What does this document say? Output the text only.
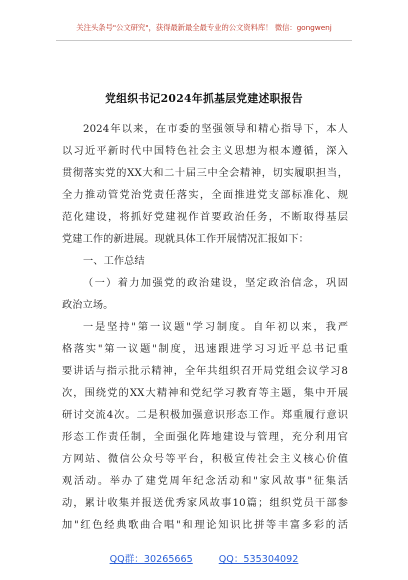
关注头条号"公文研究"，获得最新最全最专业的公文资料库！ 微信：gongwenj
党组织书记2024年抓基层党建述职报告
2024年以来，在市委的坚强领导和精心指导下，本人
以习近平新时代中国特色社会主义思想为根本遵循，深入
贯彻落实党的XX大和二十届三中全会精神，切实履职担当，
全力推动管党治党责任落实，全面推进党支部标准化、规
范化建设，将抓好党建视作首要政治任务，不断取得基层
党建工作的新进展。现就具体工作开展情况汇报如下：
一、工作总结
（一）着力加强党的政治建设，坚定政治信念，巩固
政治立场。
一是坚持"第一议题"学习制度。自年初以来，我严
格落实"第一议题"制度，迅速跟进学习习近平总书记重
要讲话与指示批示精神，全年共组织召开局党组会议学习8
次，围绕党的XX大精神和党纪学习教育等主题，集中开展
研讨交流4次。二是积极加强意识形态工作。郑重履行意识
形态工作责任制，全面强化阵地建设与管理，充分利用官
方网站、微信公众号等平台，积极宣传社会主义核心价值
观活动。举办了建党周年纪念活动和"家风故事"征集活
动，累计收集并报送优秀家风故事10篇；组织党员干部参
加"红色经典歌曲合唱"和理论知识比拼等丰富多彩的活
QQ群：30265665	QQ：535304092
